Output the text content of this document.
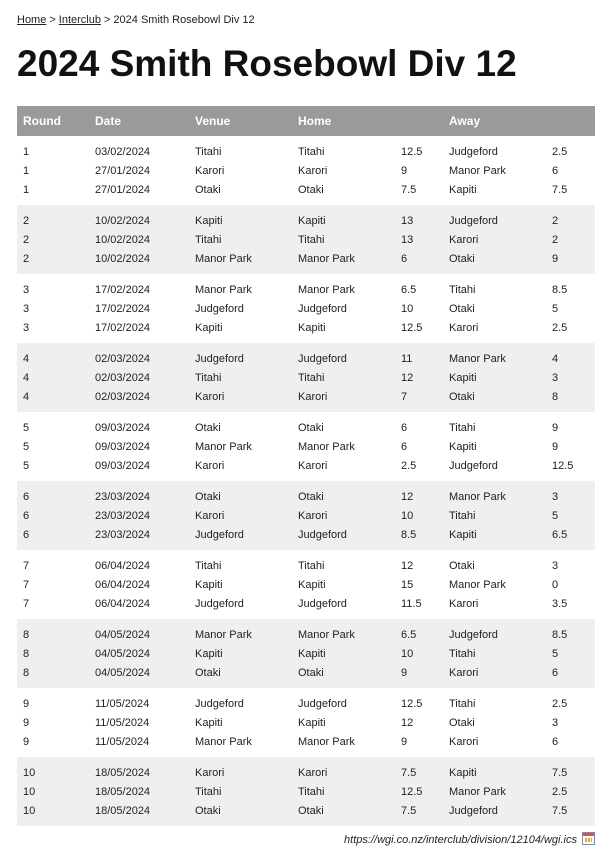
Home > Interclub > 2024 Smith Rosebowl Div 12
2024 Smith Rosebowl Div 12
Round	Date	Venue	Home		Away	
1	03/02/2024	Titahi	Titahi	12.5	Judgeford	2.5
1	27/01/2024	Karori	Karori	9	Manor Park	6
1	27/01/2024	Otaki	Otaki	7.5	Kapiti	7.5
2	10/02/2024	Kapiti	Kapiti	13	Judgeford	2
2	10/02/2024	Titahi	Titahi	13	Karori	2
2	10/02/2024	Manor Park	Manor Park	6	Otaki	9
3	17/02/2024	Manor Park	Manor Park	6.5	Titahi	8.5
3	17/02/2024	Judgeford	Judgeford	10	Otaki	5
3	17/02/2024	Kapiti	Kapiti	12.5	Karori	2.5
4	02/03/2024	Judgeford	Judgeford	11	Manor Park	4
4	02/03/2024	Titahi	Titahi	12	Kapiti	3
4	02/03/2024	Karori	Karori	7	Otaki	8
5	09/03/2024	Otaki	Otaki	6	Titahi	9
5	09/03/2024	Manor Park	Manor Park	6	Kapiti	9
5	09/03/2024	Karori	Karori	2.5	Judgeford	12.5
6	23/03/2024	Otaki	Otaki	12	Manor Park	3
6	23/03/2024	Karori	Karori	10	Titahi	5
6	23/03/2024	Judgeford	Judgeford	8.5	Kapiti	6.5
7	06/04/2024	Titahi	Titahi	12	Otaki	3
7	06/04/2024	Kapiti	Kapiti	15	Manor Park	0
7	06/04/2024	Judgeford	Judgeford	11.5	Karori	3.5
8	04/05/2024	Manor Park	Manor Park	6.5	Judgeford	8.5
8	04/05/2024	Kapiti	Kapiti	10	Titahi	5
8	04/05/2024	Otaki	Otaki	9	Karori	6
9	11/05/2024	Judgeford	Judgeford	12.5	Titahi	2.5
9	11/05/2024	Kapiti	Kapiti	12	Otaki	3
9	11/05/2024	Manor Park	Manor Park	9	Karori	6
10	18/05/2024	Karori	Karori	7.5	Kapiti	7.5
10	18/05/2024	Titahi	Titahi	12.5	Manor Park	2.5
10	18/05/2024	Otaki	Otaki	7.5	Judgeford	7.5
https://wgi.co.nz/interclub/division/12104/wgi.ics
